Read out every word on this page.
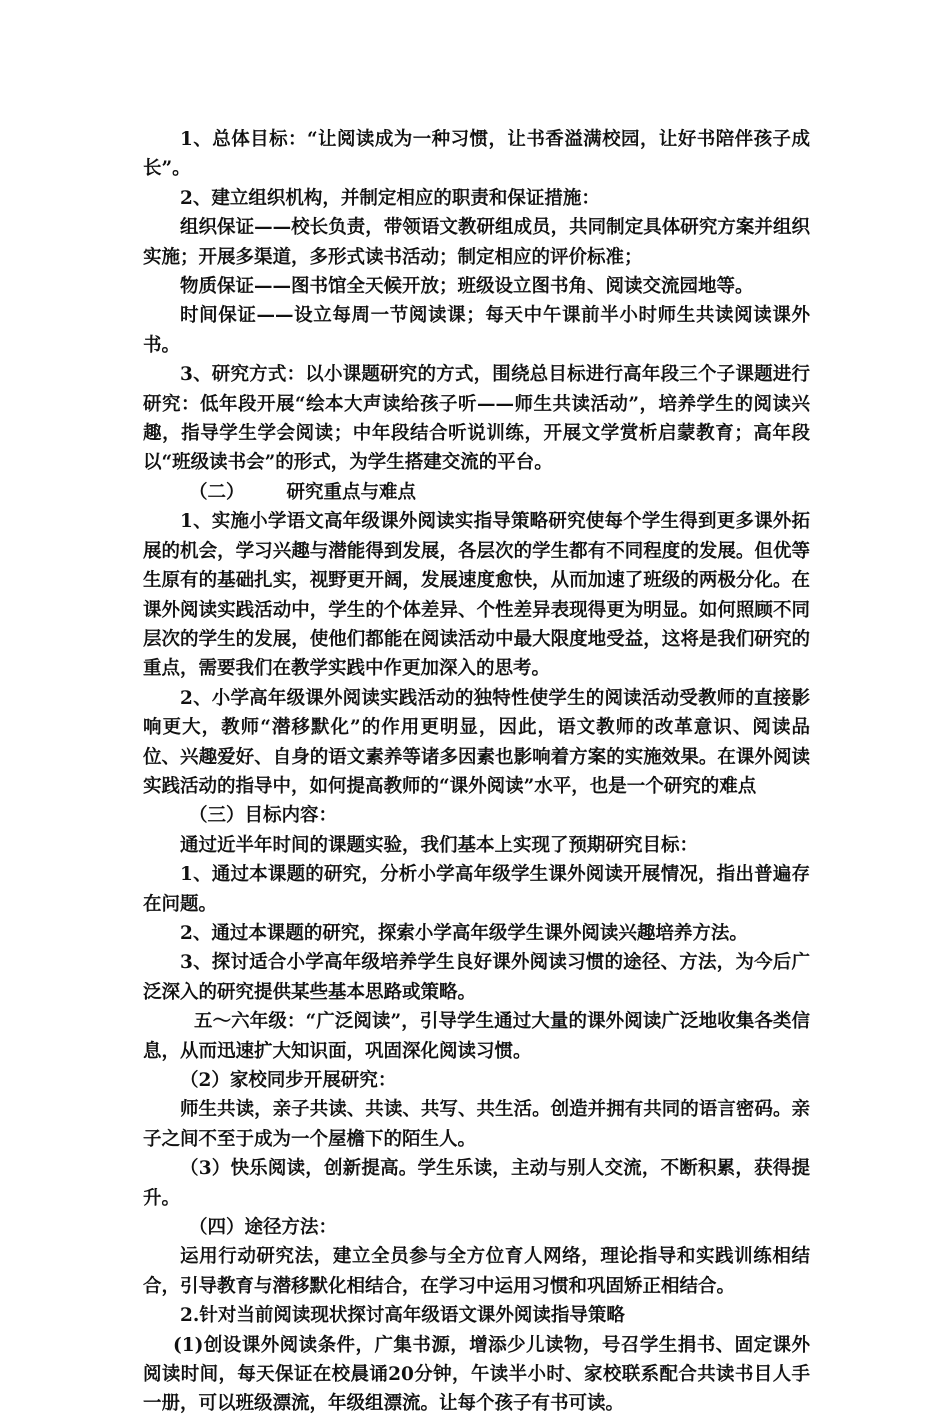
1、总体目标：“让阅读成为一种习惯，让书香溢满校园，让好书陪伴孩子成长”。

2、建立组织机构，并制定相应的职责和保证措施：

组织保证——校长负责，带领语文教研组成员，共同制定具体研究方案并组织实施；开展多渠道，多形式读书活动；制定相应的评价标准；

物质保证——图书馆全天候开放；班级设立图书角、阅读交流园地等。

时间保证——设立每周一节阅读课；每天中午课前半小时师生共读阅读课外书。

3、研究方式：以小课题研究的方式，围绕总目标进行高年段三个子课题进行研究：低年段开展“绘本大声读给孩子听——师生共读活动”，培养学生的阅读兴趣，指导学生学会阅读；中年段结合听说训练，开展文学赏析启蒙教育；高年段以“班级读书会”的形式，为学生搭建交流的平台。

（二） 研究重点与难点

1、实施小学语文高年级课外阅读实指导策略研究使每个学生得到更多课外拓展的机会，学习兴趣与潜能得到发展，各层次的学生都有不同程度的发展。但优等生原有的基础扎实，视野更开阔，发展速度愈快，从而加速了班级的两极分化。在课外阅读实践活动中，学生的个体差异、个性差异表现得更为明显。如何照顾不同层次的学生的发展，使他们都能在阅读活动中最大限度地受益，这将是我们研究的重点，需要我们在教学实践中作更加深入的思考。

2、小学高年级课外阅读实践活动的独特性使学生的阅读活动受教师的直接影响更大，教师“潜移默化”的作用更明显，因此，语文教师的改革意识、阅读品位、兴趣爱好、自身的语文素养等诸多因素也影响着方案的实施效果。在课外阅读实践活动的指导中，如何提高教师的“课外阅读”水平，也是一个研究的难点

（三）目标内容：

通过近半年时间的课题实验，我们基本上实现了预期研究目标：

1、通过本课题的研究，分析小学高年级学生课外阅读开展情况，指出普遍存在问题。

2、通过本课题的研究，探索小学高年级学生课外阅读兴趣培养方法。

3、探讨适合小学高年级培养学生良好课外阅读习惯的途径、方法，为今后广泛深入的研究提供某些基本思路或策略。

五～六年级：“广泛阅读”，引导学生通过大量的课外阅读广泛地收集各类信息，从而迅速扩大知识面，巩固深化阅读习惯。

（2）家校同步开展研究：

师生共读，亲子共读、共读、共写、共生活。创造并拥有共同的语言密码。亲子之间不至于成为一个屋檐下的陌生人。

（3）快乐阅读，创新提高。学生乐读，主动与别人交流，不断积累，获得提升。

（四）途径方法：

运用行动研究法，建立全员参与全方位育人网络，理论指导和实践训练相结合，引导教育与潜移默化相结合，在学习中运用习惯和巩固矫正相结合。

2.针对当前阅读现状探讨高年级语文课外阅读指导策略

(1)创设课外阅读条件，广集书源，增添少儿读物，号召学生捐书、固定课外阅读时间，每天保证在校晨诵20分钟，午读半小时、家校联系配合共读书目人手一册，可以班级漂流，年级组漂流。让每个孩子有书可读。
